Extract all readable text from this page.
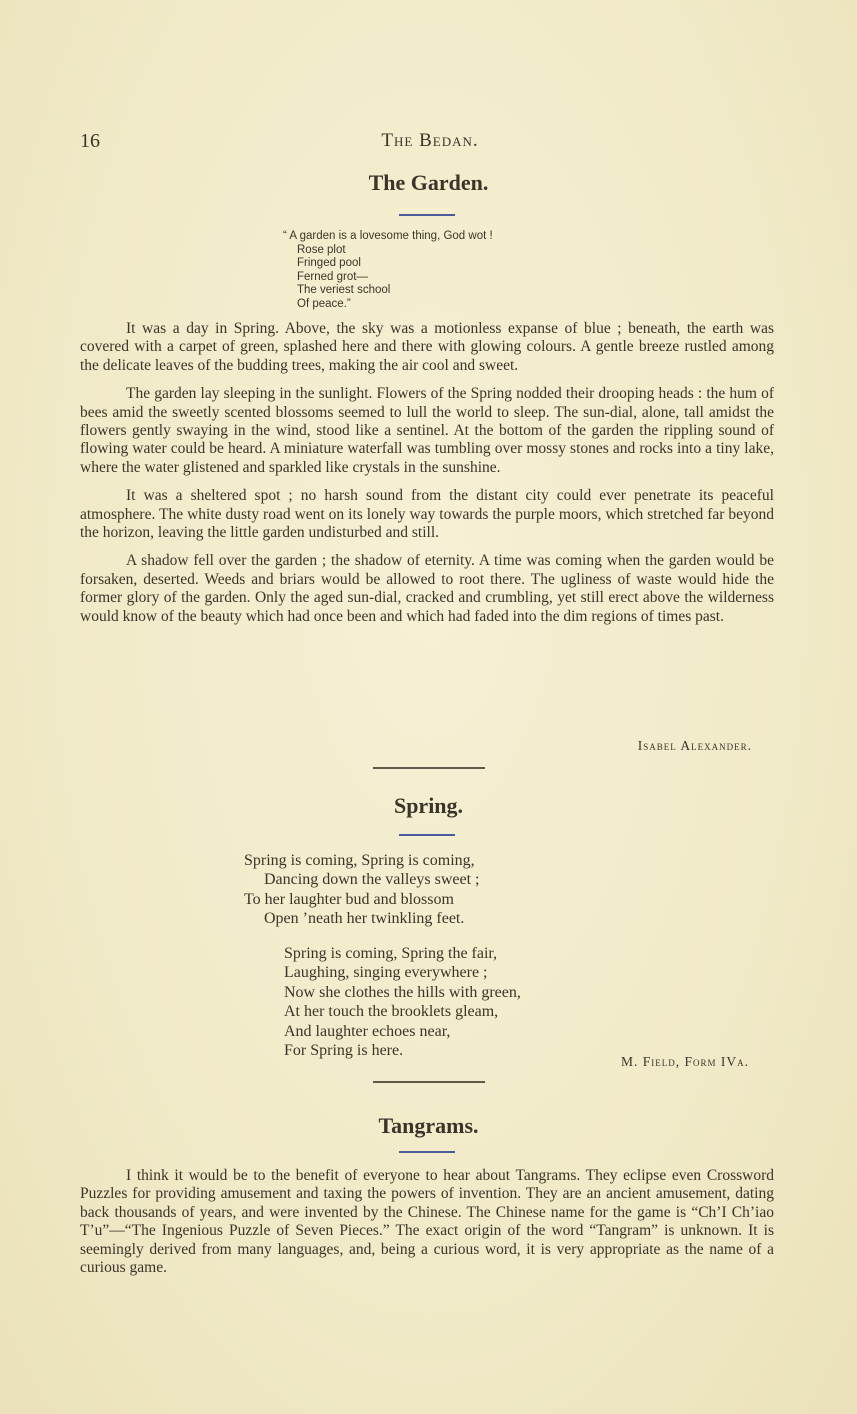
16	The Bedan.
The Garden.
“ A garden is a lovesome thing, God wot !
Rose plot
Fringed pool
Ferned grot—
The veriest school
Of peace.”

It was a day in Spring. Above, the sky was a motionless expanse of blue ; beneath, the earth was covered with a carpet of green, splashed here and there with glowing colours. A gentle breeze rustled among the delicate leaves of the budding trees, making the air cool and sweet.

The garden lay sleeping in the sunlight. Flowers of the Spring nodded their drooping heads : the hum of bees amid the sweetly scented blossoms seemed to lull the world to sleep. The sun-dial, alone, tall amidst the flowers gently swaying in the wind, stood like a sentinel. At the bottom of the garden the rippling sound of flowing water could be heard. A miniature waterfall was tumbling over mossy stones and rocks into a tiny lake, where the water glistened and sparkled like crystals in the sunshine.

It was a sheltered spot ; no harsh sound from the distant city could ever penetrate its peaceful atmosphere. The white dusty road went on its lonely way towards the purple moors, which stretched far beyond the horizon, leaving the little garden undisturbed and still.

A shadow fell over the garden ; the shadow of eternity. A time was coming when the garden would be forsaken, deserted. Weeds and briars would be allowed to root there. The ugliness of waste would hide the former glory of the garden. Only the aged sun-dial, cracked and crumbling, yet still erect above the wilderness would know of the beauty which had once been and which had faded into the dim regions of times past.

Isabel Alexander.
Spring.
Spring is coming, Spring is coming,
Dancing down the valleys sweet ;
To her laughter bud and blossom
Open ’neath her twinkling feet.
Spring is coming, Spring the fair,
Laughing, singing everywhere ;
Now she clothes the hills with green,
At her touch the brooklets gleam,
And laughter echoes near,
For Spring is here.
M. Field, Form IVa.
Tangrams.

I think it would be to the benefit of everyone to hear about Tangrams. They eclipse even Crossword Puzzles for providing amusement and taxing the powers of invention. They are an ancient amusement, dating back thousands of years, and were invented by the Chinese. The Chinese name for the game is “Ch’I Ch’iao T’u”—“The Ingenious Puzzle of Seven Pieces.” The exact origin of the word “Tangram” is unknown. It is seemingly derived from many languages, and, being a curious word, it is very appropriate as the name of a curious game.
